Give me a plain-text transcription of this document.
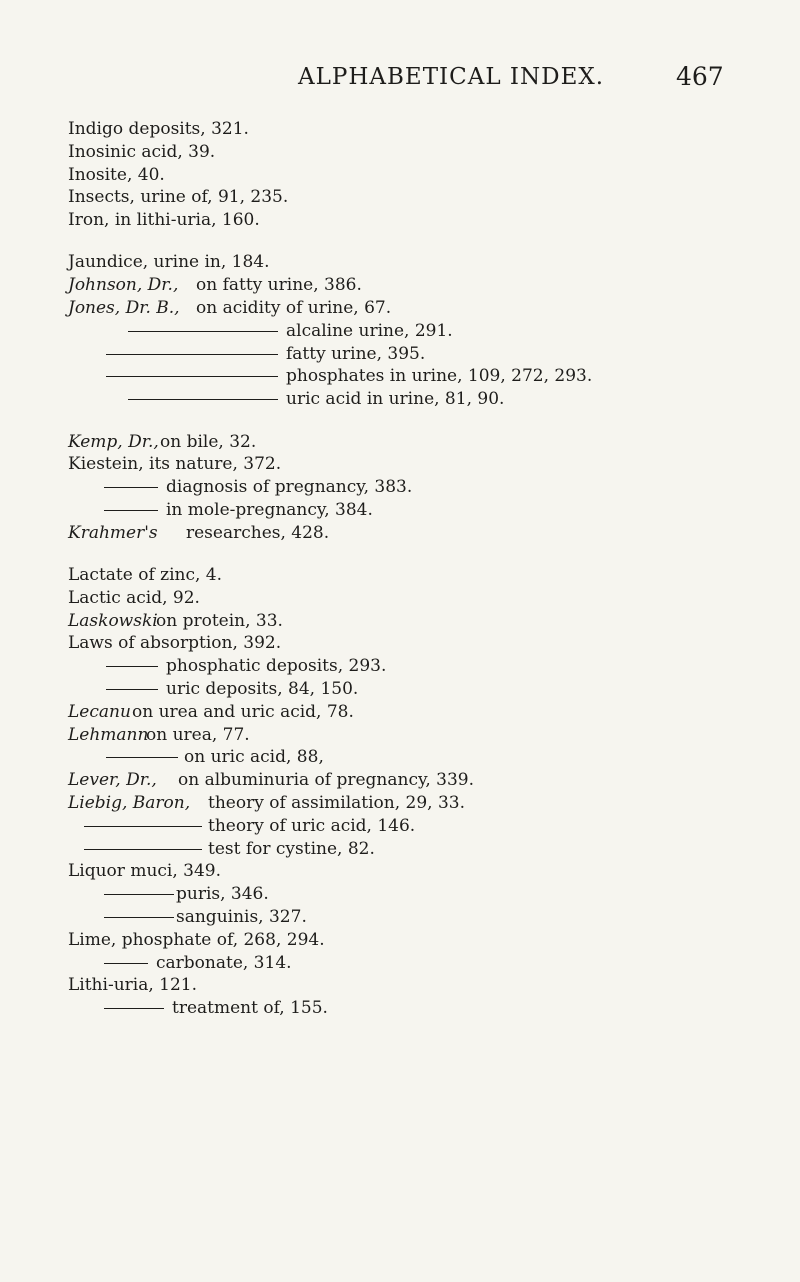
ALPHABETICAL INDEX.	467
Indigo deposits, 321.
Inosinic acid, 39.
Inosite, 40.
Insects, urine of, 91, 235.
Iron, in lithi-uria, 160.
Jaundice, urine in, 184.
Johnson, Dr., on fatty urine, 386.
Jones, Dr. B., on acidity of urine, 67.
alcaline urine, 291.
fatty urine, 395.
phosphates in urine, 109, 272, 293.
uric acid in urine, 81, 90.
Kemp, Dr., on bile, 32.
Kiestein, its nature, 372.
diagnosis of pregnancy, 383.
in mole-pregnancy, 384.
Krahmer's researches, 428.
Lactate of zinc, 4.
Lactic acid, 92.
Laskowski
on protein, 33.
Laws of absorption, 392.
phosphatic deposits, 293.
uric deposits, 84, 150.
Lecanu on urea and uric acid, 78.
Lehmann
on urea, 77.
on uric acid, 88,
Lever, Dr., on albuminuria of pregnancy, 339.
Liebig, Baron, theory of assimilation, 29, 33.
theory of uric acid, 146.
test for cystine, 82.
Liquor muci, 349.
puris, 346.
sanguinis, 327.
Lime, phosphate of, 268, 294.
carbonate, 314.
Lithi-uria, 121.
treatment of, 155.
